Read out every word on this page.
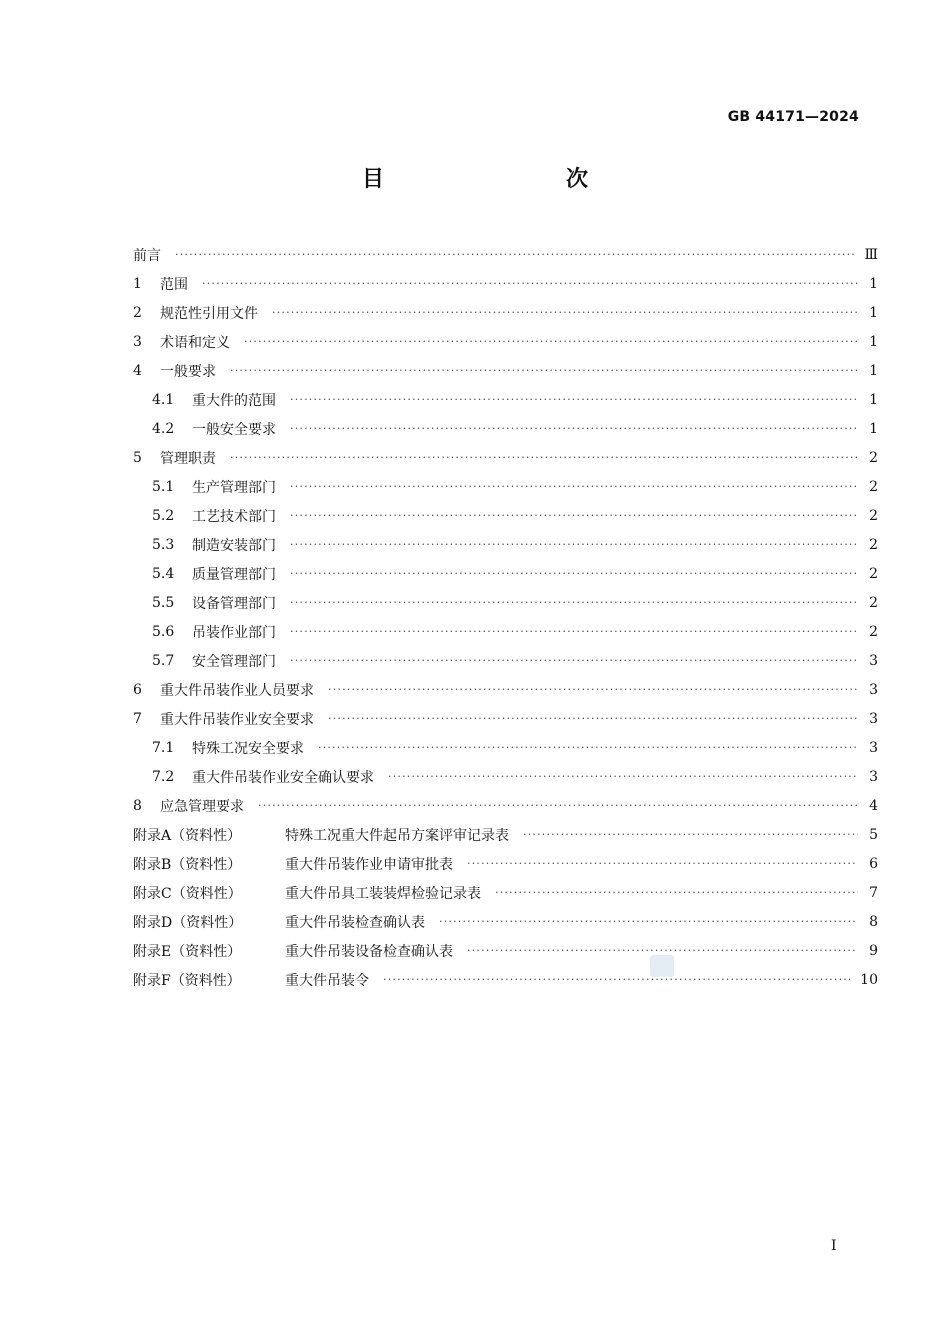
GB 44171—2024
目　　次
前言 ·····	Ⅲ
1	范围 ·····	1
2	规范性引用文件 ·····	1
3	术语和定义 ·····	1
4	一般要求 ·····	1
4.1	重大件的范围 ·····	1
4.2	一般安全要求 ·····	1
5	管理职责 ·····	2
5.1	生产管理部门 ·····	2
5.2	工艺技术部门 ·····	2
5.3	制造安装部门 ·····	2
5.4	质量管理部门 ·····	2
5.5	设备管理部门 ·····	2
5.6	吊装作业部门 ·····	2
5.7	安全管理部门 ·····	3
6	重大件吊装作业人员要求 ·····	3
7	重大件吊装作业安全要求 ·····	3
7.1	特殊工况安全要求 ·····	3
7.2	重大件吊装作业安全确认要求 ·····	3
8	应急管理要求 ·····	4
附录A（资料性）	特殊工况重大件起吊方案评审记录表 ·····	5
附录B（资料性）	重大件吊装作业申请审批表 ·····	6
附录C（资料性）	重大件吊具工装装焊检验记录表 ·····	7
附录D（资料性）	重大件吊装检查确认表 ·····	8
附录E（资料性）	重大件吊装设备检查确认表 ·····	9
附录F（资料性）	重大件吊装令 ·····	10
Ⅰ
